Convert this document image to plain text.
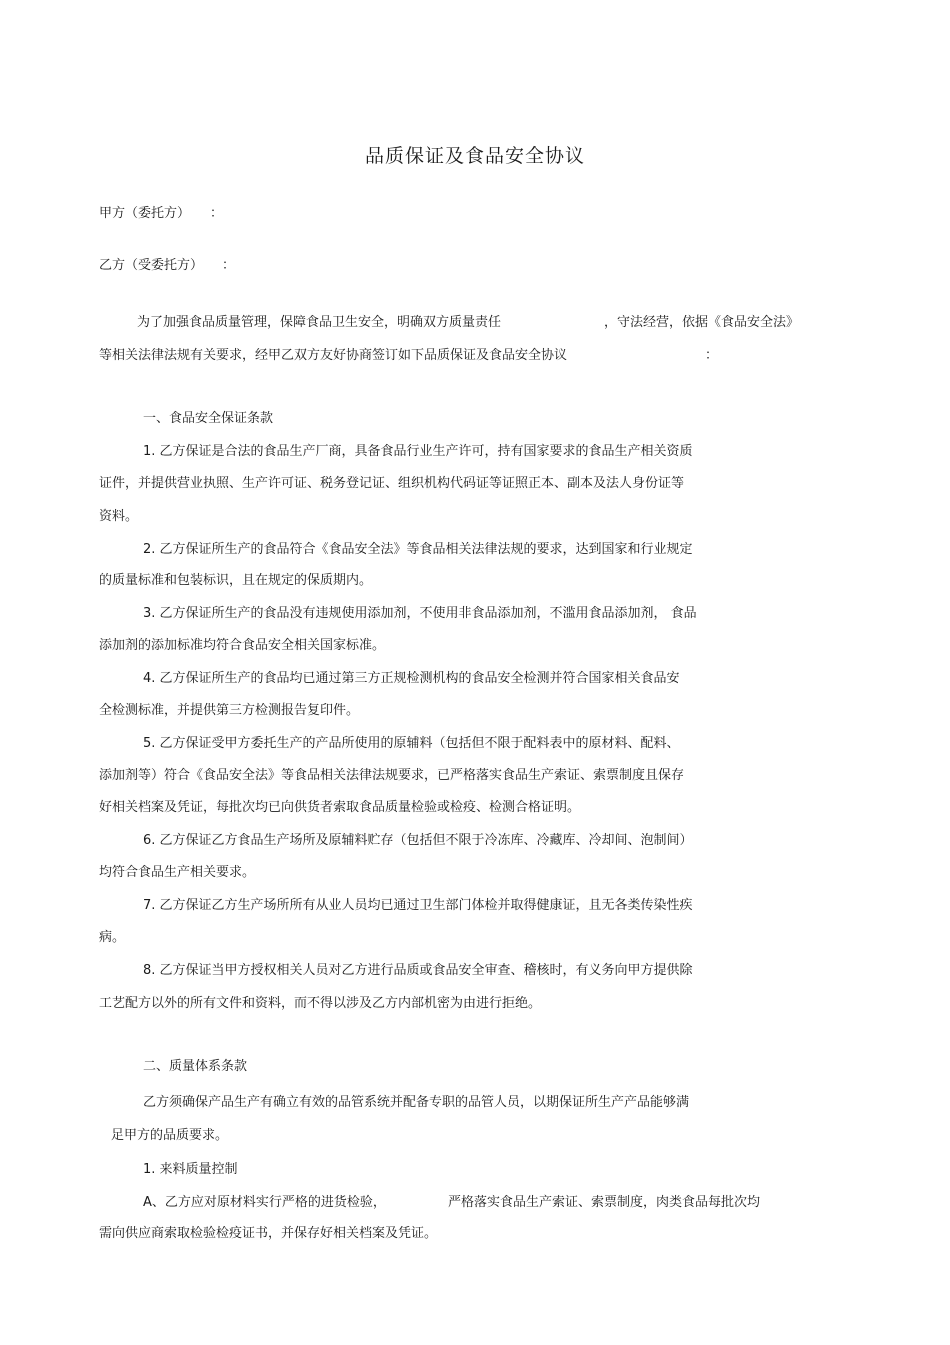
品质保证及食品安全协议
甲方（委托方） ：
乙方（受委托方） ：
为了加强食品质量管理，保障食品卫生安全，明确双方质量责任	，守法经营，依据《食品安全法》
等相关法律法规有关要求，经甲乙双方友好协商签订如下品质保证及食品安全协议	：
一、食品安全保证条款
1. 乙方保证是合法的食品生产厂商，具备食品行业生产许可，持有国家要求的食品生产相关资质
证件，并提供营业执照、生产许可证、税务登记证、组织机构代码证等证照正本、副本及法人身份证等
资料。
2. 乙方保证所生产的食品符合《食品安全法》等食品相关法律法规的要求，达到国家和行业规定
的质量标准和包装标识，且在规定的保质期内。
3. 乙方保证所生产的食品没有违规使用添加剂，不使用非食品添加剂，不滥用食品添加剂， 食品
添加剂的添加标准均符合食品安全相关国家标准。
4. 乙方保证所生产的食品均已通过第三方正规检测机构的食品安全检测并符合国家相关食品安
全检测标准，并提供第三方检测报告复印件。
5. 乙方保证受甲方委托生产的产品所使用的原辅料（包括但不限于配料表中的原材料、配料、
添加剂等）符合《食品安全法》等食品相关法律法规要求，已严格落实食品生产索证、索票制度且保存
好相关档案及凭证，每批次均已向供货者索取食品质量检验或检疫、检测合格证明。
6. 乙方保证乙方食品生产场所及原辅料贮存（包括但不限于冷冻库、冷藏库、冷却间、泡制间）
均符合食品生产相关要求。
7. 乙方保证乙方生产场所所有从业人员均已通过卫生部门体检并取得健康证，且无各类传染性疾
病。
8. 乙方保证当甲方授权相关人员对乙方进行品质或食品安全审查、稽核时，有义务向甲方提供除
工艺配方以外的所有文件和资料，而不得以涉及乙方内部机密为由进行拒绝。
二、质量体系条款
乙方须确保产品生产有确立有效的品管系统并配备专职的品管人员，以期保证所生产产品能够满
足甲方的品质要求。
1. 来料质量控制
A、乙方应对原材料实行严格的进货检验，	严格落实食品生产索证、索票制度，肉类食品每批次均
需向供应商索取检验检疫证书，并保存好相关档案及凭证。
